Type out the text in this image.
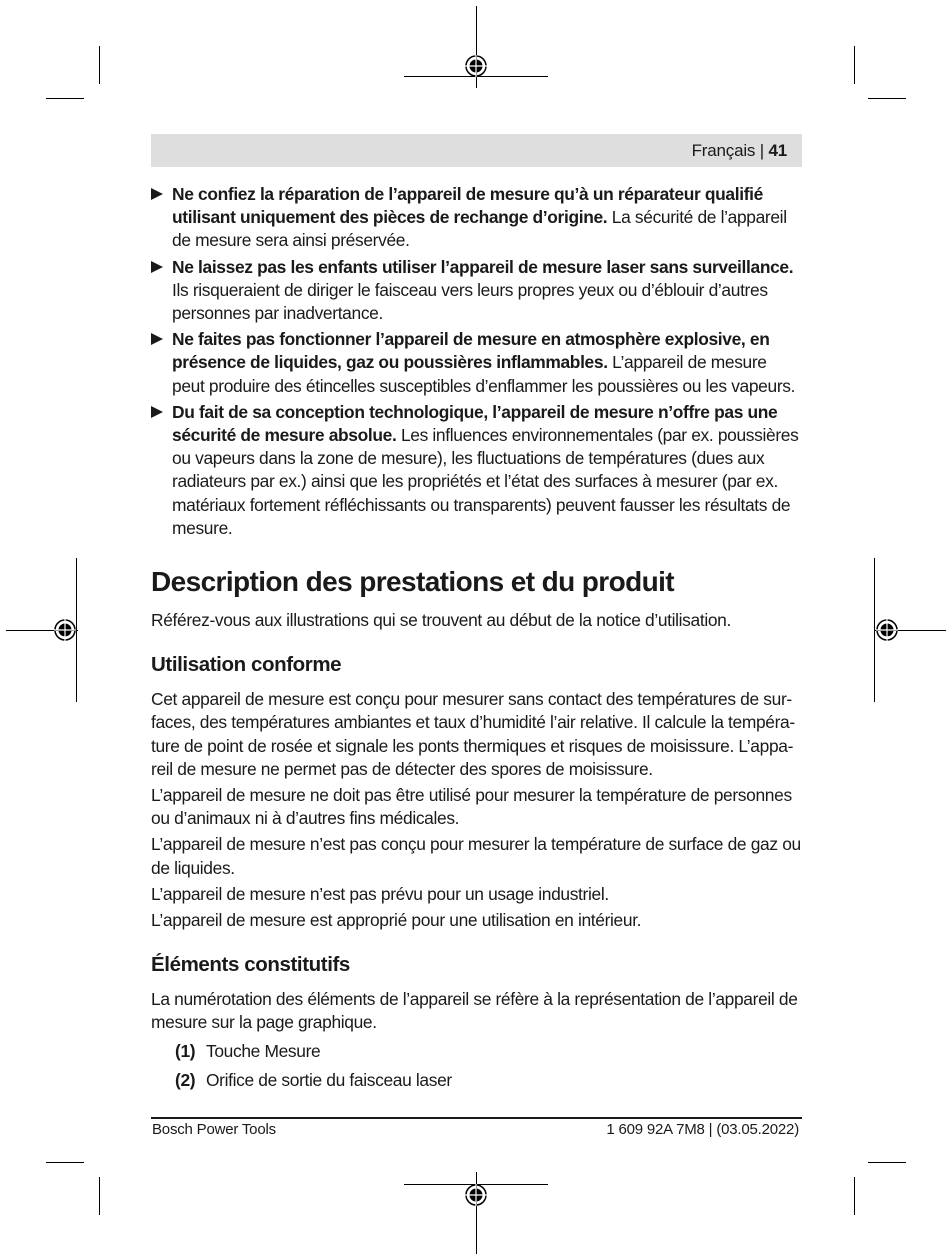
Français | 41
Ne confiez la réparation de l’appareil de mesure qu’à un réparateur qualifié utilisant uniquement des pièces de rechange d’origine. La sécurité de l’appareil de mesure sera ainsi préservée.
Ne laissez pas les enfants utiliser l’appareil de mesure laser sans surveillance. Ils risqueraient de diriger le faisceau vers leurs propres yeux ou d’éblouir d’autres personnes par inadvertance.
Ne faites pas fonctionner l’appareil de mesure en atmosphère explosive, en présence de liquides, gaz ou poussières inflammables. L’appareil de mesure peut produire des étincelles susceptibles d’enflammer les poussières ou les vapeurs.
Du fait de sa conception technologique, l’appareil de mesure n’offre pas une sécurité de mesure absolue. Les influences environnementales (par ex. poussières ou vapeurs dans la zone de mesure), les fluctuations de températures (dues aux radiateurs par ex.) ainsi que les propriétés et l’état des surfaces à mesurer (par ex. matériaux fortement réfléchissants ou transparents) peuvent fausser les résultats de mesure.
Description des prestations et du produit

Référez-vous aux illustrations qui se trouvent au début de la notice d’utilisation.

Utilisation conforme

Cet appareil de mesure est conçu pour mesurer sans contact des températures de surfaces, des températures ambiantes et taux d’humidité l’air relative. Il calcule la température de point de rosée et signale les ponts thermiques et risques de moisissure. L’appareil de mesure ne permet pas de détecter des spores de moisissure.

L’appareil de mesure ne doit pas être utilisé pour mesurer la température de personnes ou d’animaux ni à d’autres fins médicales.

L’appareil de mesure n’est pas conçu pour mesurer la température de surface de gaz ou de liquides.

L’appareil de mesure n’est pas prévu pour un usage industriel.

L’appareil de mesure est approprié pour une utilisation en intérieur.

Éléments constitutifs

La numérotation des éléments de l’appareil se réfère à la représentation de l’appareil de mesure sur la page graphique.

(1) Touche Mesure
(2) Orifice de sortie du faisceau laser
Bosch Power Tools	1 609 92A 7M8 | (03.05.2022)
